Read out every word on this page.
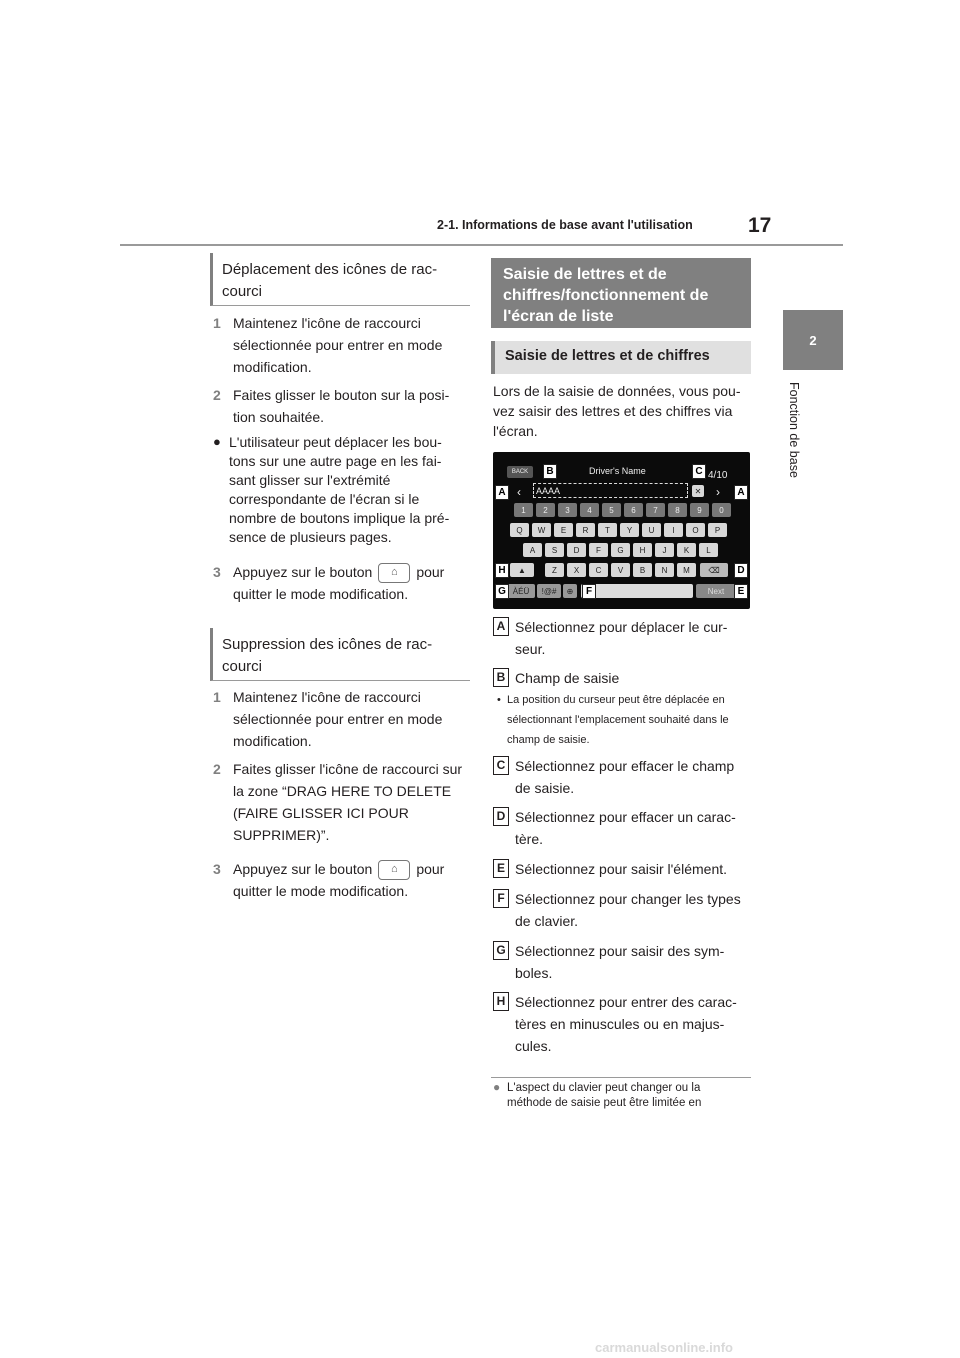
2-1. Informations de base avant l'utilisation	17
2
Fonction de base
Déplacement des icônes de rac-courci
1 Maintenez l'icône de raccourci sélectionnée pour entrer en mode modification.
2 Faites glisser le bouton sur la posi-tion souhaitée.
● L'utilisateur peut déplacer les bou-tons sur une autre page en les fai-sant glisser sur l'extrémité correspondante de l'écran si le nombre de boutons implique la pré-sence de plusieurs pages.
3 Appuyez sur le bouton ⌂ pour quitter le mode modification.
Suppression des icônes de rac-courci
1 Maintenez l'icône de raccourci sélectionnée pour entrer en mode modification.
2 Faites glisser l'icône de raccourci sur la zone “DRAG HERE TO DELETE (FAIRE GLISSER ICI POUR SUPPRIMER)”.
3 Appuyez sur le bouton ⌂ pour quitter le mode modification.
Saisie de lettres et de chiffres/fonctionnement de l'écran de liste
Saisie de lettres et de chiffres
Lors de la saisie de données, vous pou-vez saisir des lettres et des chiffres via l'écran.
BACK	Driver's Name	4/10
‹ AAAA	✕ ›
1	2	3	4	5	6	7	8	9	0
Q	W	E	R	T	Y	U	I	O	P
A	S	D	F	G	H	J	K	L
Z	X	C	V	B	N	M
▲	⌫
ÀÉÜ !@#	⊕	Next
B	C
A	A
H	D
G	F	E
A Sélectionnez pour déplacer le cur-seur.
B Champ de saisie
• La position du curseur peut être déplacée en sélectionnant l'emplacement souhaité dans le champ de saisie.
C Sélectionnez pour effacer le champ de saisie.
D Sélectionnez pour effacer un carac-tère.
E Sélectionnez pour saisir l'élément.
F Sélectionnez pour changer les types de clavier.
G Sélectionnez pour saisir des sym-boles.
H Sélectionnez pour entrer des carac-tères en minuscules ou en majus-cules.
● L'aspect du clavier peut changer ou la méthode de saisie peut être limitée en
carmanualsonline.info
